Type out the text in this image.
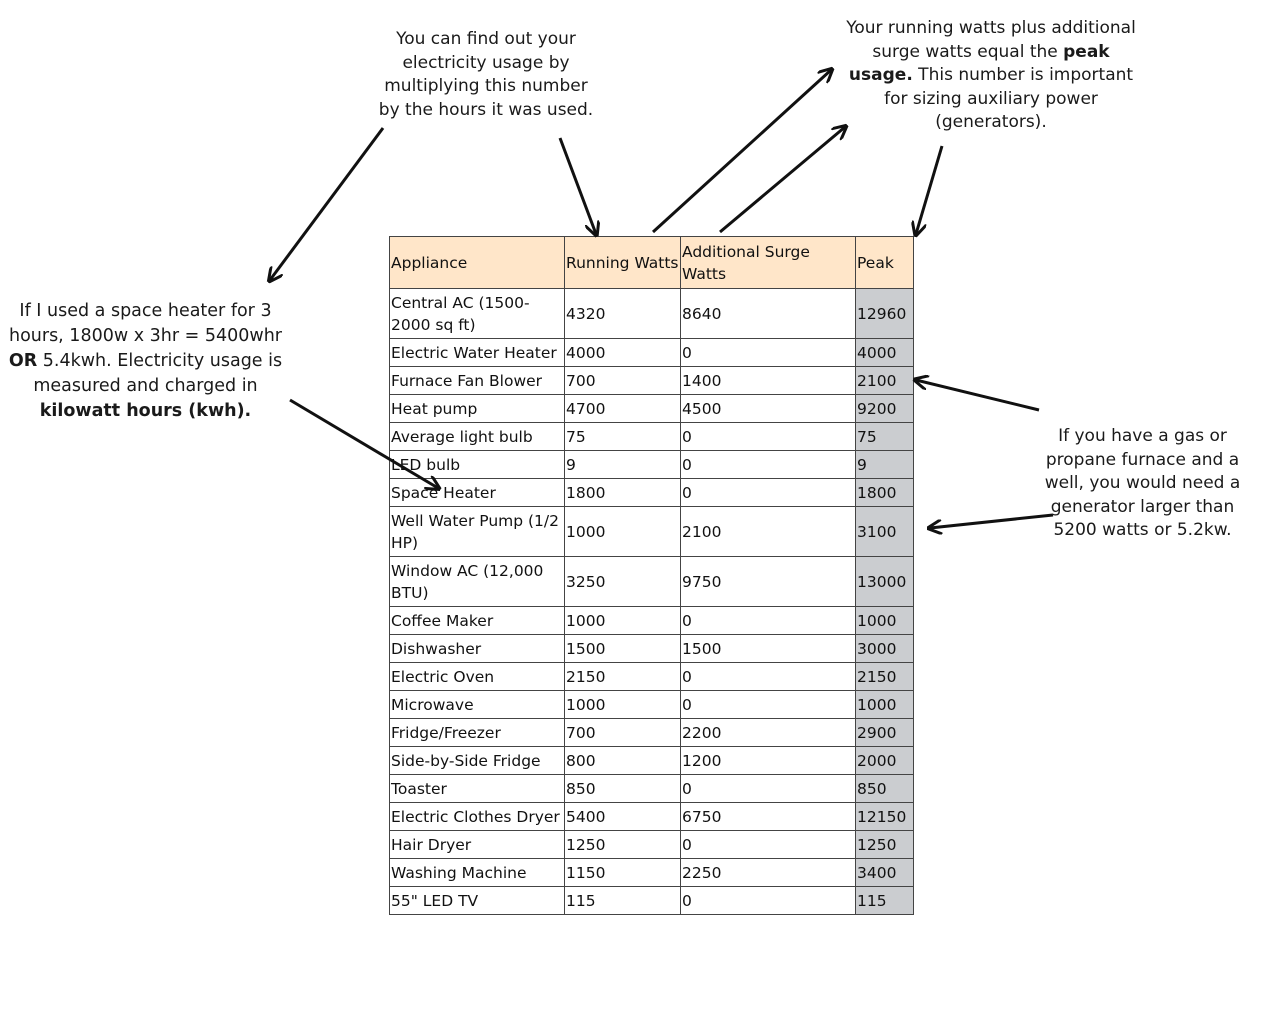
You can find out your electricity usage by multiplying this number by the hours it was used.
Your running watts plus additional surge watts equal the peak usage. This number is important for sizing auxiliary power (generators).
If I used a space heater for 3 hours, 1800w x 3hr = 5400whr OR 5.4kwh. Electricity usage is measured and charged in kilowatt hours (kwh).
If you have a gas or propane furnace and a well, you would need a generator larger than 5200 watts or 5.2kw.
Appliance	Running Watts	Additional Surge Watts	Peak
Central AC (1500-2000 sq ft)	4320	8640	12960
Electric Water Heater	4000	0	4000
Furnace Fan Blower	700	1400	2100
Heat pump	4700	4500	9200
Average light bulb	75	0	75
LED bulb	9	0	9
Space Heater	1800	0	1800
Well Water Pump (1/2 HP)	1000	2100	3100
Window AC (12,000 BTU)	3250	9750	13000
Coffee Maker	1000	0	1000
Dishwasher	1500	1500	3000
Electric Oven	2150	0	2150
Microwave	1000	0	1000
Fridge/Freezer	700	2200	2900
Side-by-Side Fridge	800	1200	2000
Toaster	850	0	850
Electric Clothes Dryer	5400	6750	12150
Hair Dryer	1250	0	1250
Washing Machine	1150	2250	3400
55" LED TV	115	0	115
